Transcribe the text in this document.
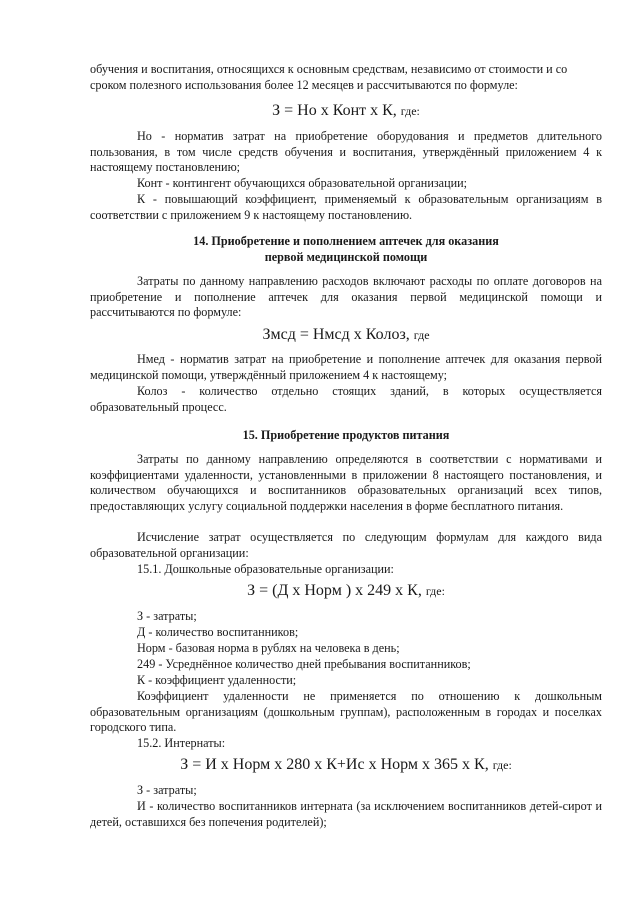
обучения и воспитания, относящихся к основным средствам, независимо от стоимости и со

сроком полезного использования более 12 месяцев и рассчитываются по формуле:

З = Но х Конт х К, где:

Но - норматив затрат на приобретение оборудования и предметов длительного пользования, в том числе средств обучения и воспитания, утверждённый приложением 4 к настоящему постановлению;

Конт - контингент обучающихся образовательной организации;

К - повышающий коэффициент, применяемый к образовательным организациям в соответствии с приложением 9 к настоящему постановлению.

14. Приобретение и пополнением аптечек для оказания

первой медицинской помощи

Затраты по данному направлению расходов включают расходы по оплате договоров на приобретение и пополнение аптечек для оказания первой медицинской помощи и рассчитываются по формуле:

Змсд = Нмсд х Колоз, где

Нмед - норматив затрат на приобретение и пополнение аптечек для оказания первой медицинской помощи, утверждённый приложением 4 к настоящему;

Колоз - количество отдельно стоящих зданий, в которых осуществляется образовательный процесс.

15. Приобретение продуктов питания

Затраты по данному направлению определяются в соответствии с нормативами и коэффициентами удаленности, установленными в приложении 8 настоящего постановления, и количеством обучающихся и воспитанников образовательных организаций всех типов, предоставляющих услугу социальной поддержки населения в форме бесплатного питания.

Исчисление затрат осуществляется по следующим формулам для каждого вида образовательной организации:

15.1. Дошкольные образовательные организации:

З = (Д х Норм ) х 249 х К, где:

З - затраты;

Д - количество воспитанников;

Норм - базовая норма в рублях на человека в день;

249 - Усреднённое количество дней пребывания воспитанников;

К - коэффициент удаленности;

Коэффициент удаленности не применяется по отношению к дошкольным образовательным организациям (дошкольным группам), расположенным в городах и поселках городского типа.

15.2. Интернаты:

З = И х Норм х 280 х К+Ис х Норм х 365 х К, где:

З - затраты;

И - количество воспитанников интерната (за исключением воспитанников детей-сирот и детей, оставшихся без попечения родителей);
